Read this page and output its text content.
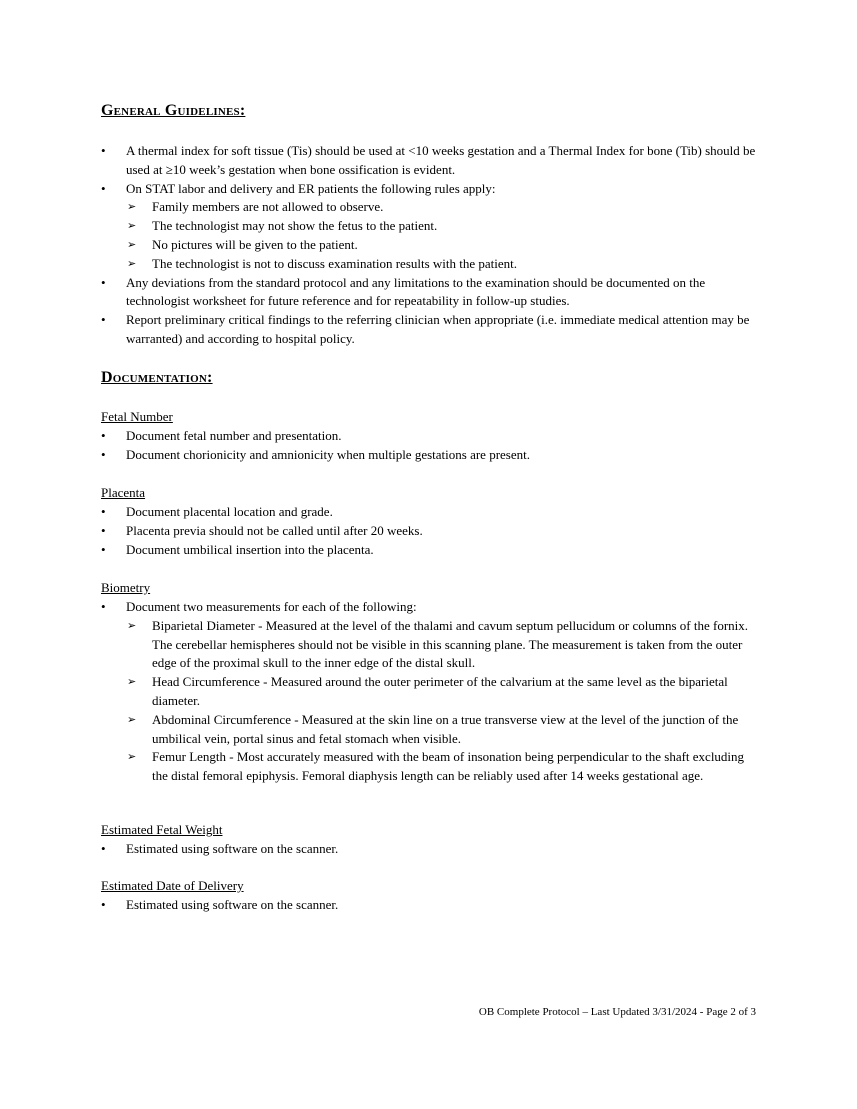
General Guidelines:
•	A thermal index for soft tissue (Tis) should be used at <10 weeks gestation and a Thermal Index for bone (Tib) should be used at ≥10 week’s gestation when bone ossification is evident.
•	On STAT labor and delivery and ER patients the following rules apply:
➢ Family members are not allowed to observe.
➢ The technologist may not show the fetus to the patient.
➢ No pictures will be given to the patient.
➢ The technologist is not to discuss examination results with the patient.
•	Any deviations from the standard protocol and any limitations to the examination should be documented on the technologist worksheet for future reference and for repeatability in follow-up studies.
•	Report preliminary critical findings to the referring clinician when appropriate (i.e. immediate medical attention may be warranted) and according to hospital policy.
Documentation:

Fetal Number

•	Document fetal number and presentation.
•	Document chorionicity and amnionicity when multiple gestations are present.

Placenta

•	Document placental location and grade.
•	Placenta previa should not be called until after 20 weeks.
•	Document umbilical insertion into the placenta.

Biometry

•	Document two measurements for each of the following:
➢ Biparietal Diameter - Measured at the level of the thalami and cavum septum pellucidum or columns of the fornix. The cerebellar hemispheres should not be visible in this scanning plane. The measurement is taken from the outer edge of the proximal skull to the inner edge of the distal skull.
➢ Head Circumference - Measured around the outer perimeter of the calvarium at the same level as the biparietal diameter.
➢ Abdominal Circumference - Measured at the skin line on a true transverse view at the level of the junction of the umbilical vein, portal sinus and fetal stomach when visible.
➢ Femur Length - Most accurately measured with the beam of insonation being perpendicular to the shaft excluding the distal femoral epiphysis. Femoral diaphysis length can be reliably used after 14 weeks gestational age.

Estimated Fetal Weight

•	Estimated using software on the scanner.

Estimated Date of Delivery

•	Estimated using software on the scanner.

OB Complete Protocol – Last Updated 3/31/2024 - Page 2 of 3
